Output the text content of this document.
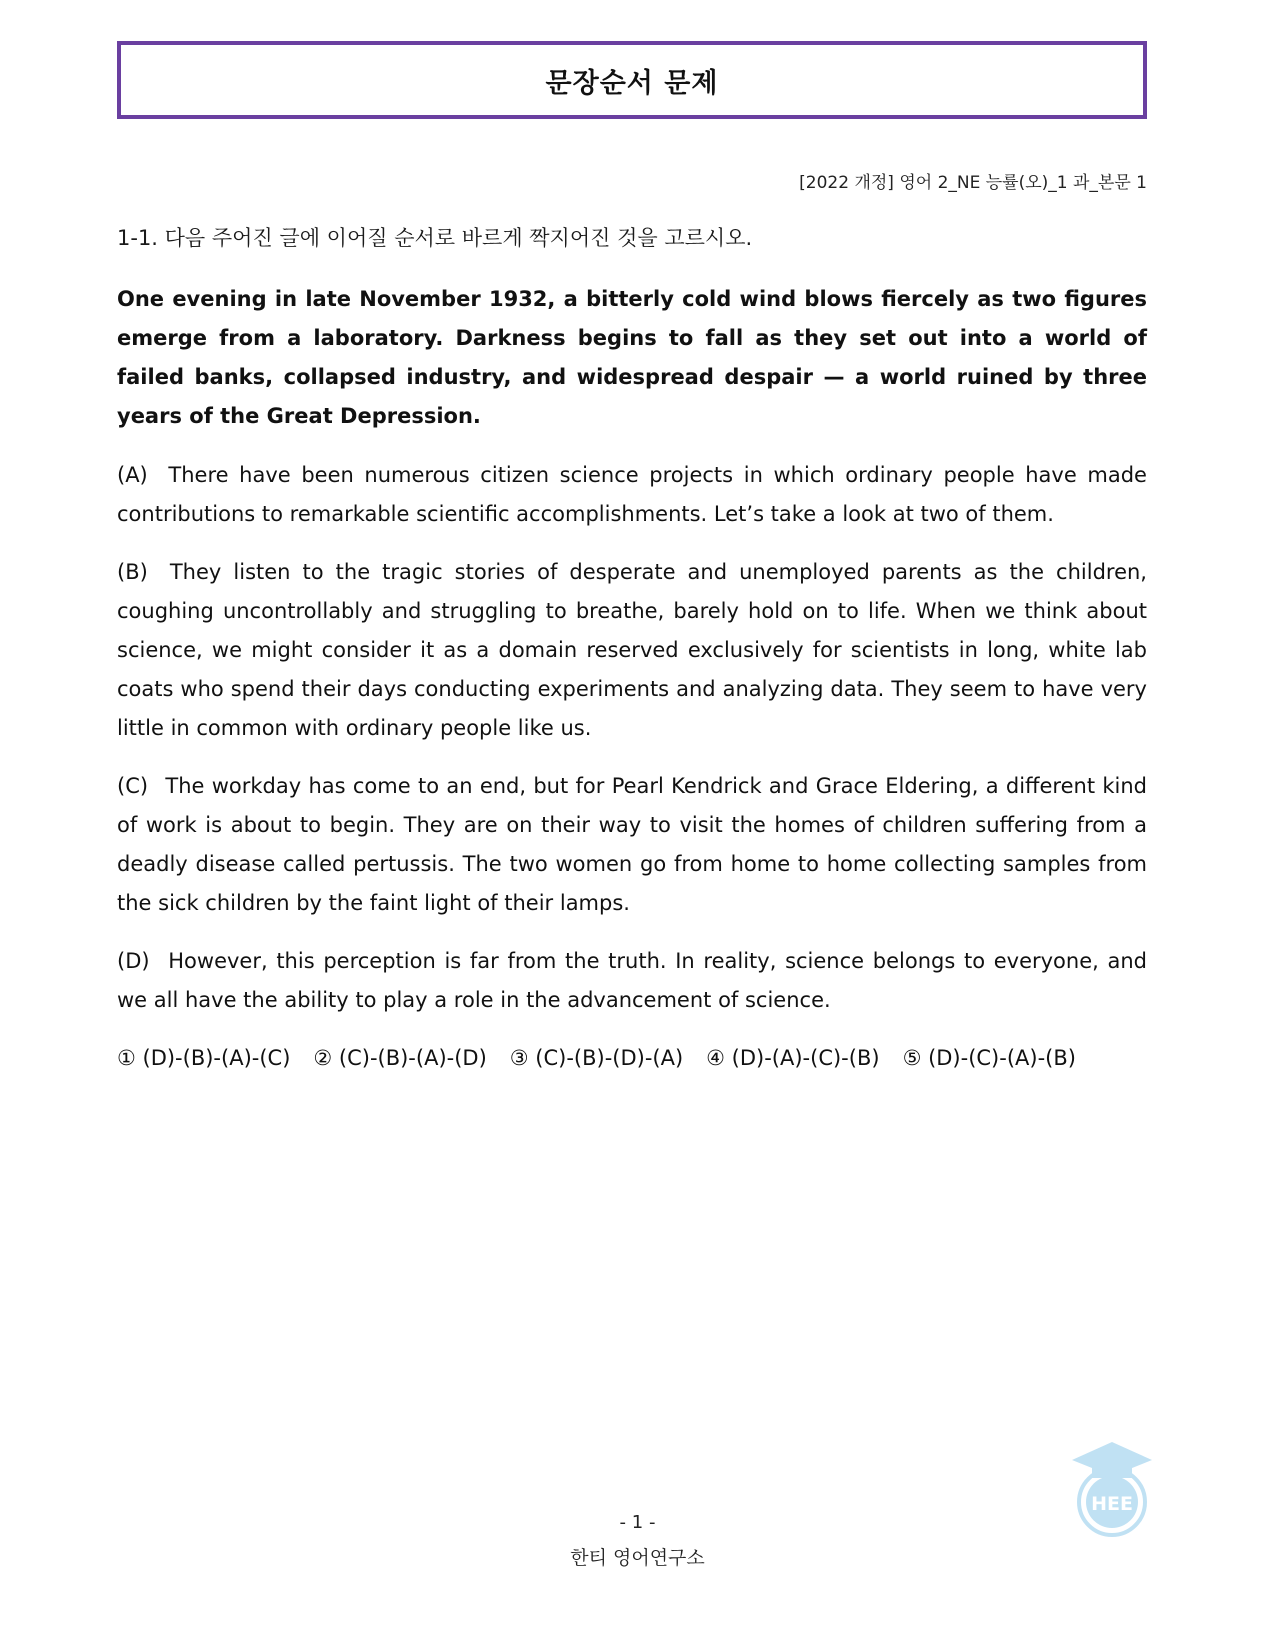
문장순서 문제
[2022 개정] 영어 2_NE 능률(오)_1 과_본문 1
1-1. 다음 주어진 글에 이어질 순서로 바르게 짝지어진 것을 고르시오.

One evening in late November 1932, a bitterly cold wind blows fiercely as two figures emerge from a laboratory. Darkness begins to fall as they set out into a world of failed banks, collapsed industry, and widespread despair — a world ruined by three years of the Great Depression.

(A) There have been numerous citizen science projects in which ordinary people have made contributions to remarkable scientific accomplishments. Let’s take a look at two of them.

(B) They listen to the tragic stories of desperate and unemployed parents as the children, coughing uncontrollably and struggling to breathe, barely hold on to life. When we think about science, we might consider it as a domain reserved exclusively for scientists in long, white lab coats who spend their days conducting experiments and analyzing data. They seem to have very little in common with ordinary people like us.

(C) The workday has come to an end, but for Pearl Kendrick and Grace Eldering, a different kind of work is about to begin. They are on their way to visit the homes of children suffering from a deadly disease called pertussis. The two women go from home to home collecting samples from the sick children by the faint light of their lamps.

(D) However, this perception is far from the truth. In reality, science belongs to everyone, and we all have the ability to play a role in the advancement of science.

① (D)-(B)-(A)-(C) ② (C)-(B)-(A)-(D) ③ (C)-(B)-(D)-(A) ④ (D)-(A)-(C)-(B) ⑤ (D)-(C)-(A)-(B)
HEE
- 1 -
한티 영어연구소
